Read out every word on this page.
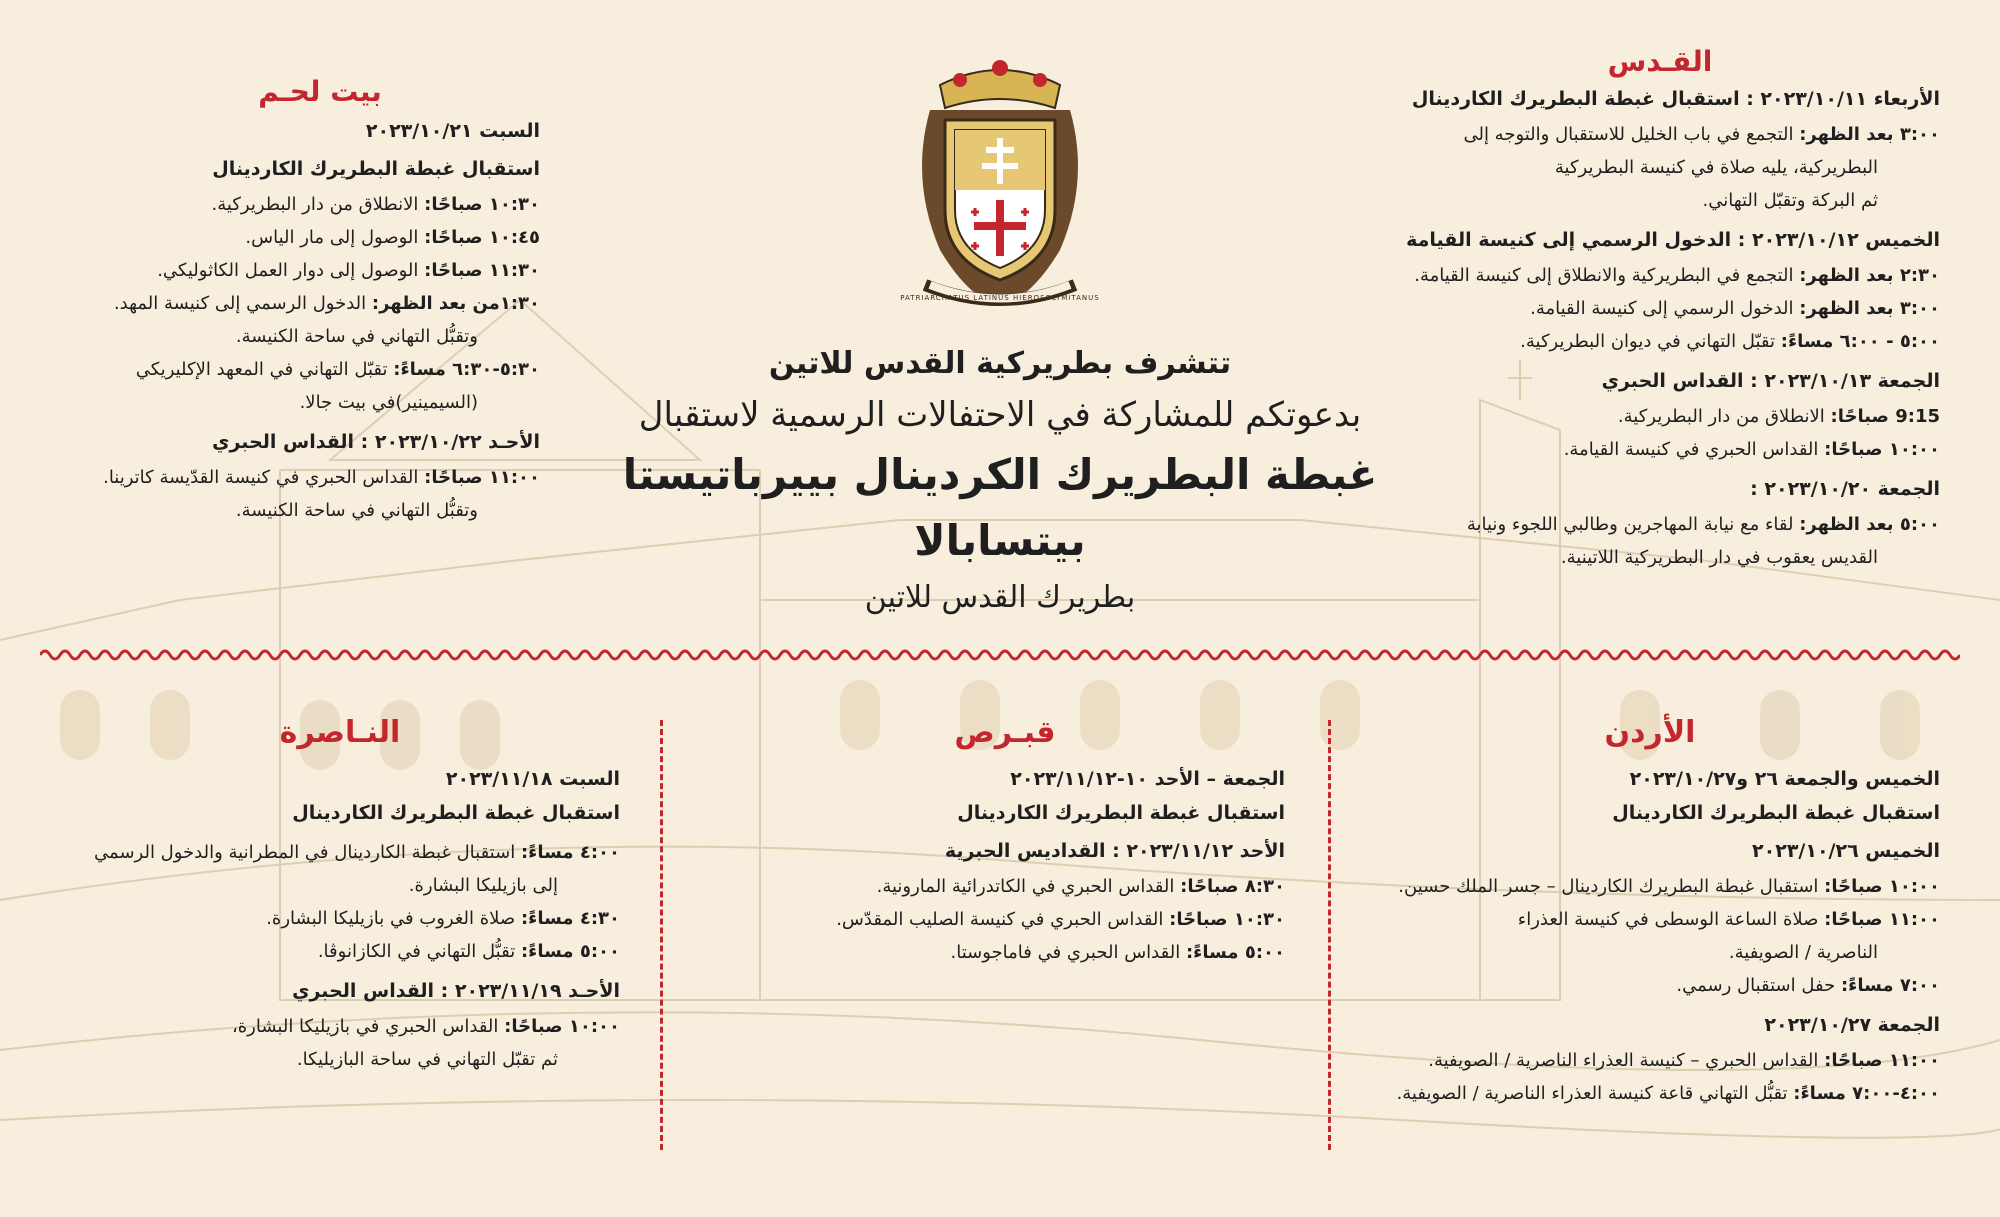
PATRIARCHATUS LATINUS HIEROSOLYMITANUS
تتشرف بطريركية القدس للاتين
بدعوتكم للمشاركة في الاحتفالات الرسمية لاستقبال
غبطة البطريرك الكردينال بييرباتيستا بيتسابالا
بطريرك القدس للاتين
القـدس

الأربعاء ٢٠٢٣/١٠/١١ : استقبال غبطة البطريرك الكاردينال

٣:٠٠ بعد الظهر: التجمع في باب الخليل للاستقبال والتوجه إلى

البطريركية، يليه صلاة في كنيسة البطريركية

ثم البركة وتقبّل التهاني.

الخميس ٢٠٢٣/١٠/١٢ : الدخول الرسمي إلى كنيسة القيامة

٢:٣٠ بعد الظهر: التجمع في البطريركية والانطلاق إلى كنيسة القيامة.

٣:٠٠ بعد الظهر: الدخول الرسمي إلى كنيسة القيامة.

٥:٠٠ - ٦:٠٠ مساءً: تقبّل التهاني في ديوان البطريركية.

الجمعة ٢٠٢٣/١٠/١٣ : القداس الحبري

9:15 صباحًا: الانطلاق من دار البطريركية.

١٠:٠٠ صباحًا: القداس الحبري في كنيسة القيامة.

الجمعة ٢٠٢٣/١٠/٢٠ :

٥:٠٠ بعد الظهر: لقاء مع نيابة المهاجرين وطالبي اللجوء ونيابة

القديس يعقوب في دار البطريركية اللاتينية.

بيت لحـم

السبت ٢٠٢٣/١٠/٢١

استقبال غبطة البطريرك الكاردينال

١٠:٣٠ صباحًا: الانطلاق من دار البطريركية.

١٠:٤٥ صباحًا: الوصول إلى مار الياس.

١١:٣٠ صباحًا: الوصول إلى دوار العمل الكاثوليكي.

١:٣٠من بعد الظهر: الدخول الرسمي إلى كنيسة المهد.

وتقبُّل التهاني في ساحة الكنيسة.

٥:٣٠-٦:٣٠ مساءً: تقبّل التهاني في المعهد الإكليريكي

(السيمينير)في بيت جالا.

الأحـد ٢٠٢٣/١٠/٢٢ : القداس الحبري

١١:٠٠ صباحًا: القداس الحبري في كنيسة القدّيسة كاترينا.

وتقبُّل التهاني في ساحة الكنيسة.

الأردن

الخميس والجمعة ٢٦ و٢٠٢٣/١٠/٢٧

استقبال غبطة البطريرك الكاردينال

الخميس ٢٠٢٣/١٠/٢٦

١٠:٠٠ صباحًا: استقبال غبطة البطريرك الكاردينال – جسر الملك حسين.

١١:٠٠ صباحًا: صلاة الساعة الوسطى في كنيسة العذراء

الناصرية / الصويفية.

٧:٠٠ مساءً: حفل استقبال رسمي.

الجمعة ٢٠٢٣/١٠/٢٧

١١:٠٠ صباحًا: القداس الحبري – كنيسة العذراء الناصرية / الصويفية.

٤:٠٠-٧:٠٠ مساءً: تقبُّل التهاني قاعة كنيسة العذراء الناصرية / الصويفية.

قبـرص

الجمعة – الأحد ١٠-٢٠٢٣/١١/١٢

استقبال غبطة البطريرك الكاردينال

الأحد ٢٠٢٣/١١/١٢ : القداديس الحبرية

٨:٣٠ صباحًا: القداس الحبري في الكاتدرائية المارونية.

١٠:٣٠ صباحًا: القداس الحبري في كنيسة الصليب المقدّس.

٥:٠٠ مساءً: القداس الحبري في فاماجوستا.

النـاصرة

السبت ٢٠٢٣/١١/١٨

استقبال غبطة البطريرك الكاردينال

٤:٠٠ مساءً: استقبال غبطة الكاردينال في المطرانية والدخول الرسمي

إلى بازيليكا البشارة.

٤:٣٠ مساءً: صلاة الغروب في بازيليكا البشارة.

٥:٠٠ مساءً: تقبُّل التهاني في الكازانوڤا.

الأحـد ٢٠٢٣/١١/١٩ : القداس الحبري

١٠:٠٠ صباحًا: القداس الحبري في بازيليكا البشارة،

ثم تقبّل التهاني في ساحة البازيليكا.
